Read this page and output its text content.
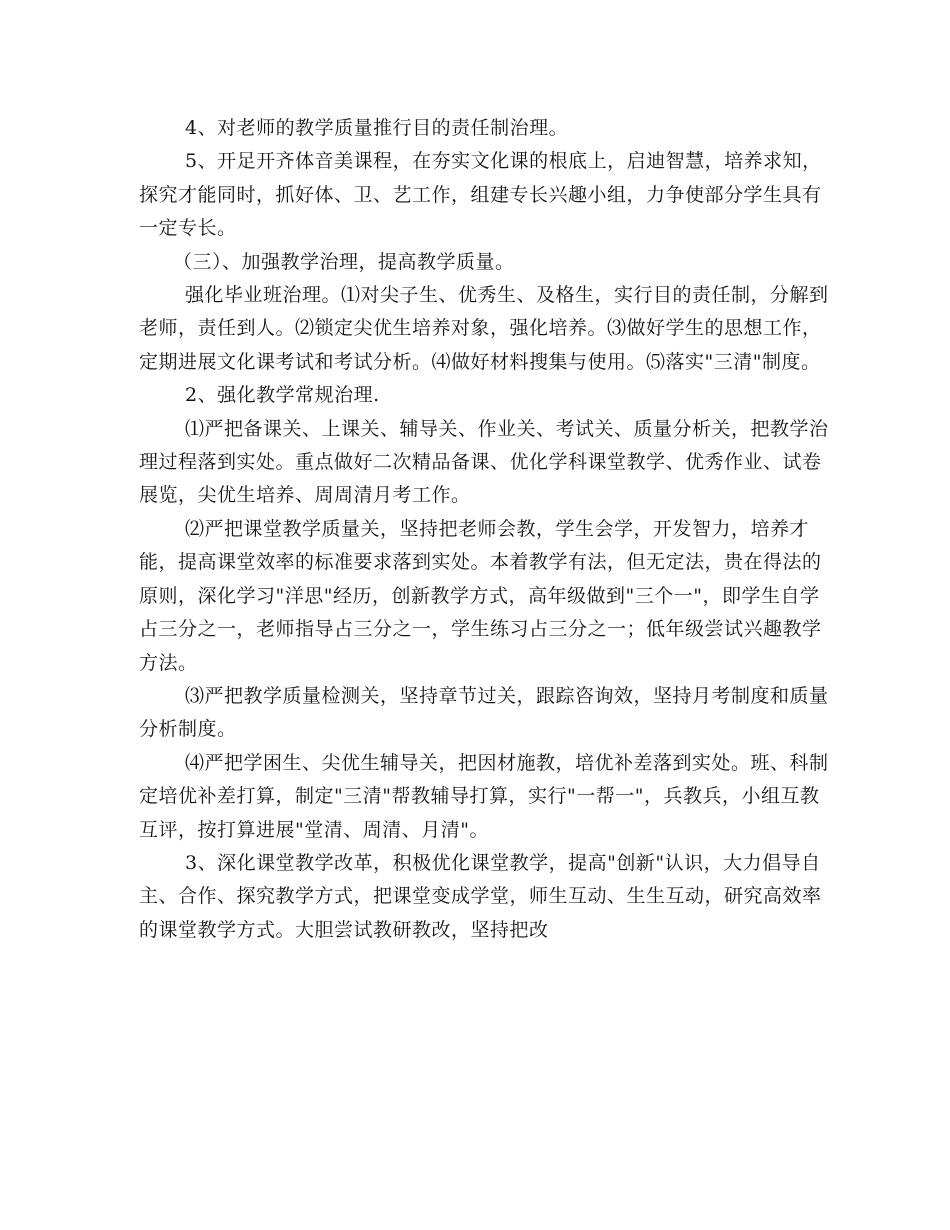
4、对老师的教学质量推行目的责任制治理。

5、开足开齐体音美课程，在夯实文化课的根底上，启迪智慧，培养求知，探究才能同时，抓好体、卫、艺工作，组建专长兴趣小组，力争使部分学生具有一定专长。

（三）、加强教学治理，提高教学质量。

强化毕业班治理。⑴对尖子生、优秀生、及格生，实行目的责任制，分解到老师，责任到人。⑵锁定尖优生培养对象，强化培养。⑶做好学生的思想工作，定期进展文化课考试和考试分析。⑷做好材料搜集与使用。⑸落实"三清"制度。

2、强化教学常规治理.

⑴严把备课关、上课关、辅导关、作业关、考试关、质量分析关，把教学治理过程落到实处。重点做好二次精品备课、优化学科课堂教学、优秀作业、试卷展览，尖优生培养、周周清月考工作。

⑵严把课堂教学质量关，坚持把老师会教，学生会学，开发智力，培养才能，提高课堂效率的标准要求落到实处。本着教学有法，但无定法，贵在得法的原则，深化学习"洋思"经历，创新教学方式，高年级做到"三个一"，即学生自学占三分之一，老师指导占三分之一，学生练习占三分之一；低年级尝试兴趣教学方法。

⑶严把教学质量检测关，坚持章节过关，跟踪咨询效，坚持月考制度和质量分析制度。

⑷严把学困生、尖优生辅导关，把因材施教，培优补差落到实处。班、科制定培优补差打算，制定"三清"帮教辅导打算，实行"一帮一"，兵教兵，小组互教互评，按打算进展"堂清、周清、月清"。

3、深化课堂教学改革，积极优化课堂教学，提高"创新"认识，大力倡导自主、合作、探究教学方式，把课堂变成学堂，师生互动、生生互动，研究高效率的课堂教学方式。大胆尝试教研教改，坚持把改
